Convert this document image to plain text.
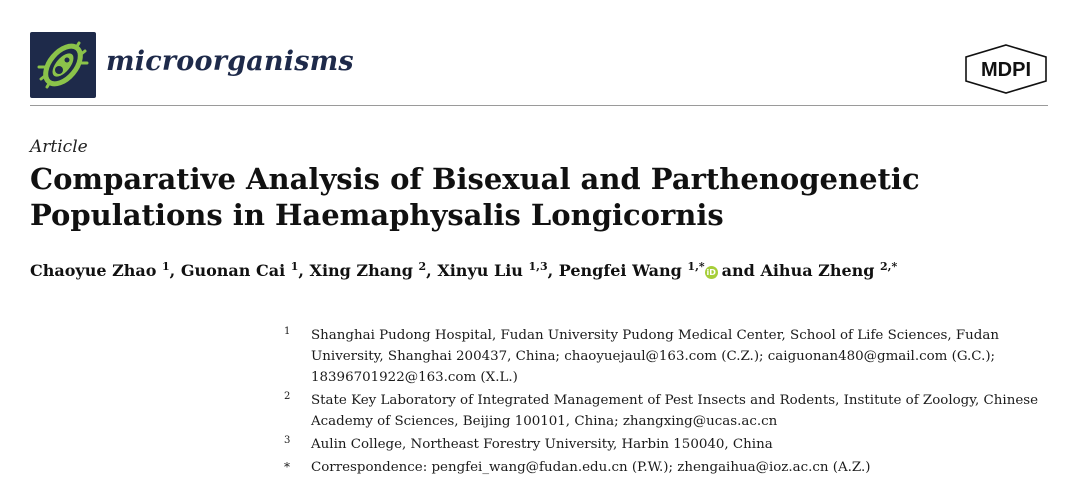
microorganisms	MDPI
Article
Comparative Analysis of Bisexual and Parthenogenetic
Populations in Haemaphysalis Longicornis
Chaoyue Zhao $^1$, Guonan Cai $^1$, Xing Zhang $^2$, Xinyu Liu $^{1,3}$, Pengfei Wang $^{1,*}$ iD and Aihua Zheng $^{2,*}$
1 Shanghai Pudong Hospital, Fudan University Pudong Medical Center, School of Life Sciences, Fudan University, Shanghai 200437, China; chaoyuejaul@163.com (C.Z.); caiguonan480@gmail.com (G.C.); 18396701922@163.com (X.L.)
2 State Key Laboratory of Integrated Management of Pest Insects and Rodents, Institute of Zoology, Chinese Academy of Sciences, Beijing 100101, China; zhangxing@ucas.ac.cn
3 Aulin College, Northeast Forestry University, Harbin 150040, China
* Correspondence: pengfei_wang@fudan.edu.cn (P.W.); zhengaihua@ioz.ac.cn (A.Z.)
